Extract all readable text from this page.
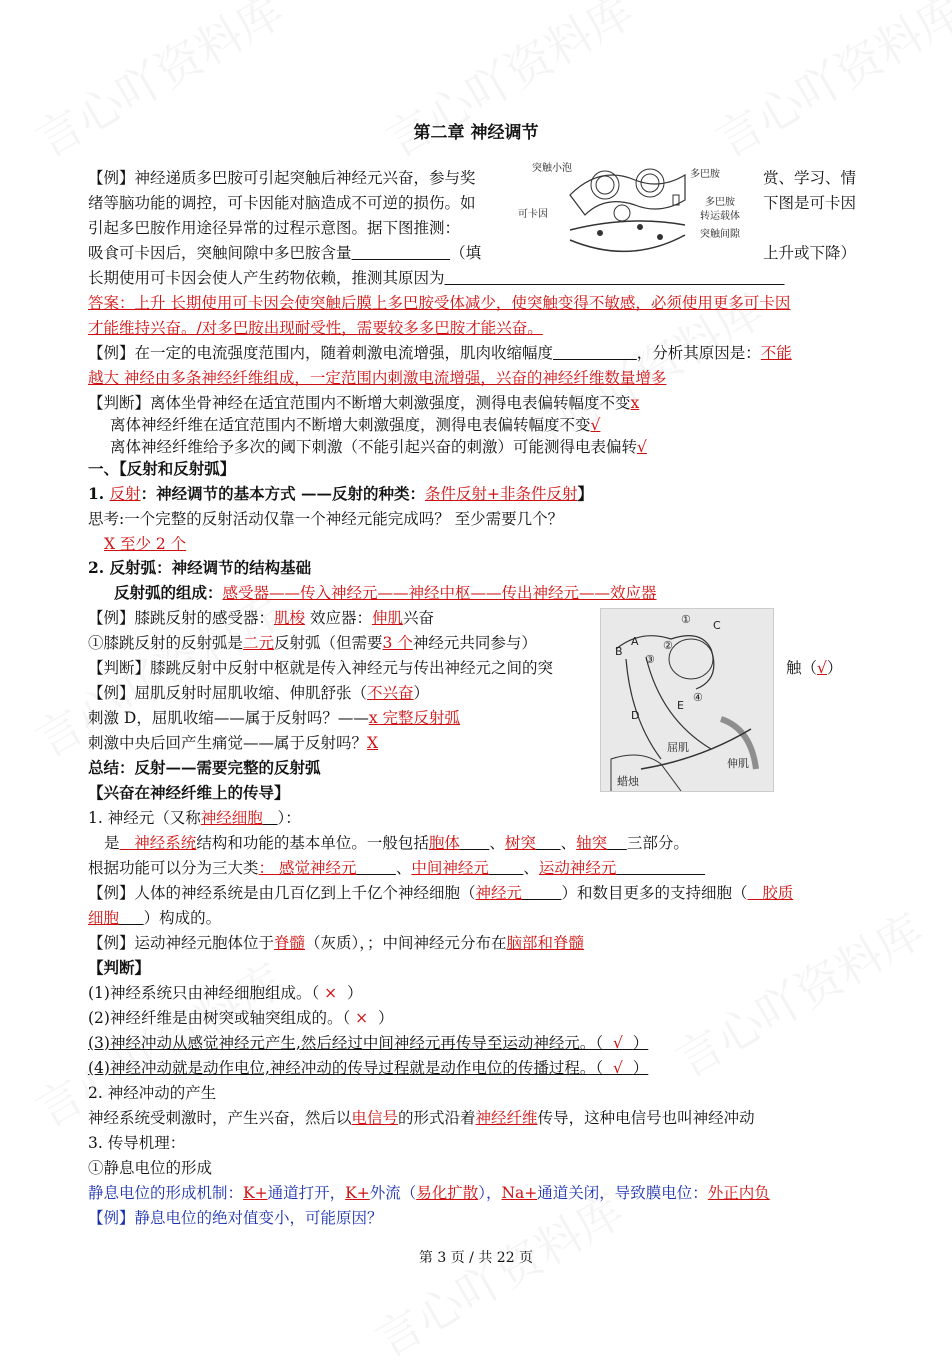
第二章 神经调节
突触小泡
多巴胺
可卡因
多巴胺
转运载体
突触间隙
① C
A
B	②
③
④
E
D
屈肌
伸肌
蜡烛
【例】神经递质多巴胺可引起突触后神经元兴奋，参与奖	赏、学习、情
绪等脑功能的调控，可卡因能对脑造成不可逆的损伤。如	下图是可卡因
引起多巴胺作用途径异常的过程示意图。据下图推测：
吸食可卡因后，突触间隙中多巴胺含量	（填	上升或下降）
长期使用可卡因会使人产生药物依赖，推测其原因为
答案：上升 长期使用可卡因会使突触后膜上多巴胺受体减少，使突触变得不敏感，必须使用更多可卡因
才能维持兴奋。/对多巴胺出现耐受性，需要较多多巴胺才能兴奋。
【例】在一定的电流强度范围内，随着刺激电流增强，肌肉收缩幅度	，分析其原因是：不能
越大 神经由多条神经纤维组成，一定范围内刺激电流增强，兴奋的神经纤维数量增多
【判断】离体坐骨神经在适宜范围内不断增大刺激强度，测得电表偏转幅度不变x
离体神经纤维在适宜范围内不断增大刺激强度，测得电表偏转幅度不变√
离体神经纤维给予多次的阈下刺激（不能引起兴奋的刺激）可能测得电表偏转√
一、【反射和反射弧】
1. 反射：神经调节的基本方式 ——反射的种类：条件反射+非条件反射】
思考:一个完整的反射活动仅靠一个神经元能完成吗？ 至少需要几个？
X 至少 2 个
2. 反射弧：神经调节的结构基础
反射弧的组成：感受器——传入神经元——神经中枢——传出神经元——效应器
【例】膝跳反射的感受器：肌梭 效应器：伸肌兴奋
①膝跳反射的反射弧是二元反射弧（但需要3 个神经元共同参与）
【判断】膝跳反射中反射中枢就是传入神经元与传出神经元之间的突	触（√）
【例】屈肌反射时屈肌收缩、伸肌舒张（不兴奋）
刺激 D，屈肌收缩——属于反射吗？——x 完整反射弧
刺激中央后回产生痛觉——属于反射吗？X
总结：反射——需要完整的反射弧
【兴奋在神经纤维上的传导】
1. 神经元（又称神经细胞 ）：
是 神经系统结构和功能的基本单位。一般包括胞体 、树突 、轴突 三部分。
根据功能可以分为三大类： 感觉神经元	、中间神经元 、运动神经元
【例】人体的神经系统是由几百亿到上千亿个神经细胞（神经元	）和数目更多的支持细胞（ 胶质
细胞 ）构成的。
【例】运动神经元胞体位于脊髓（灰质），；中间神经元分布在脑部和脊髓
【判断】
(1)神经系统只由神经细胞组成。（ × ）
(2)神经纤维是由树突或轴突组成的。（ × ）
(3)神经冲动从感觉神经元产生,然后经过中间神经元再传导至运动神经元。（ √ ）
(4)神经冲动就是动作电位,神经冲动的传导过程就是动作电位的传播过程。（ √ ）
2. 神经冲动的产生
神经系统受刺激时，产生兴奋，然后以电信号的形式沿着神经纤维传导，这种电信号也叫神经冲动
3. 传导机理：
①静息电位的形成
静息电位的形成机制：K+通道打开，K+外流（易化扩散），Na+通道关闭，导致膜电位：外正内负
【例】静息电位的绝对值变小，可能原因？
第 3 页 / 共 22 页
